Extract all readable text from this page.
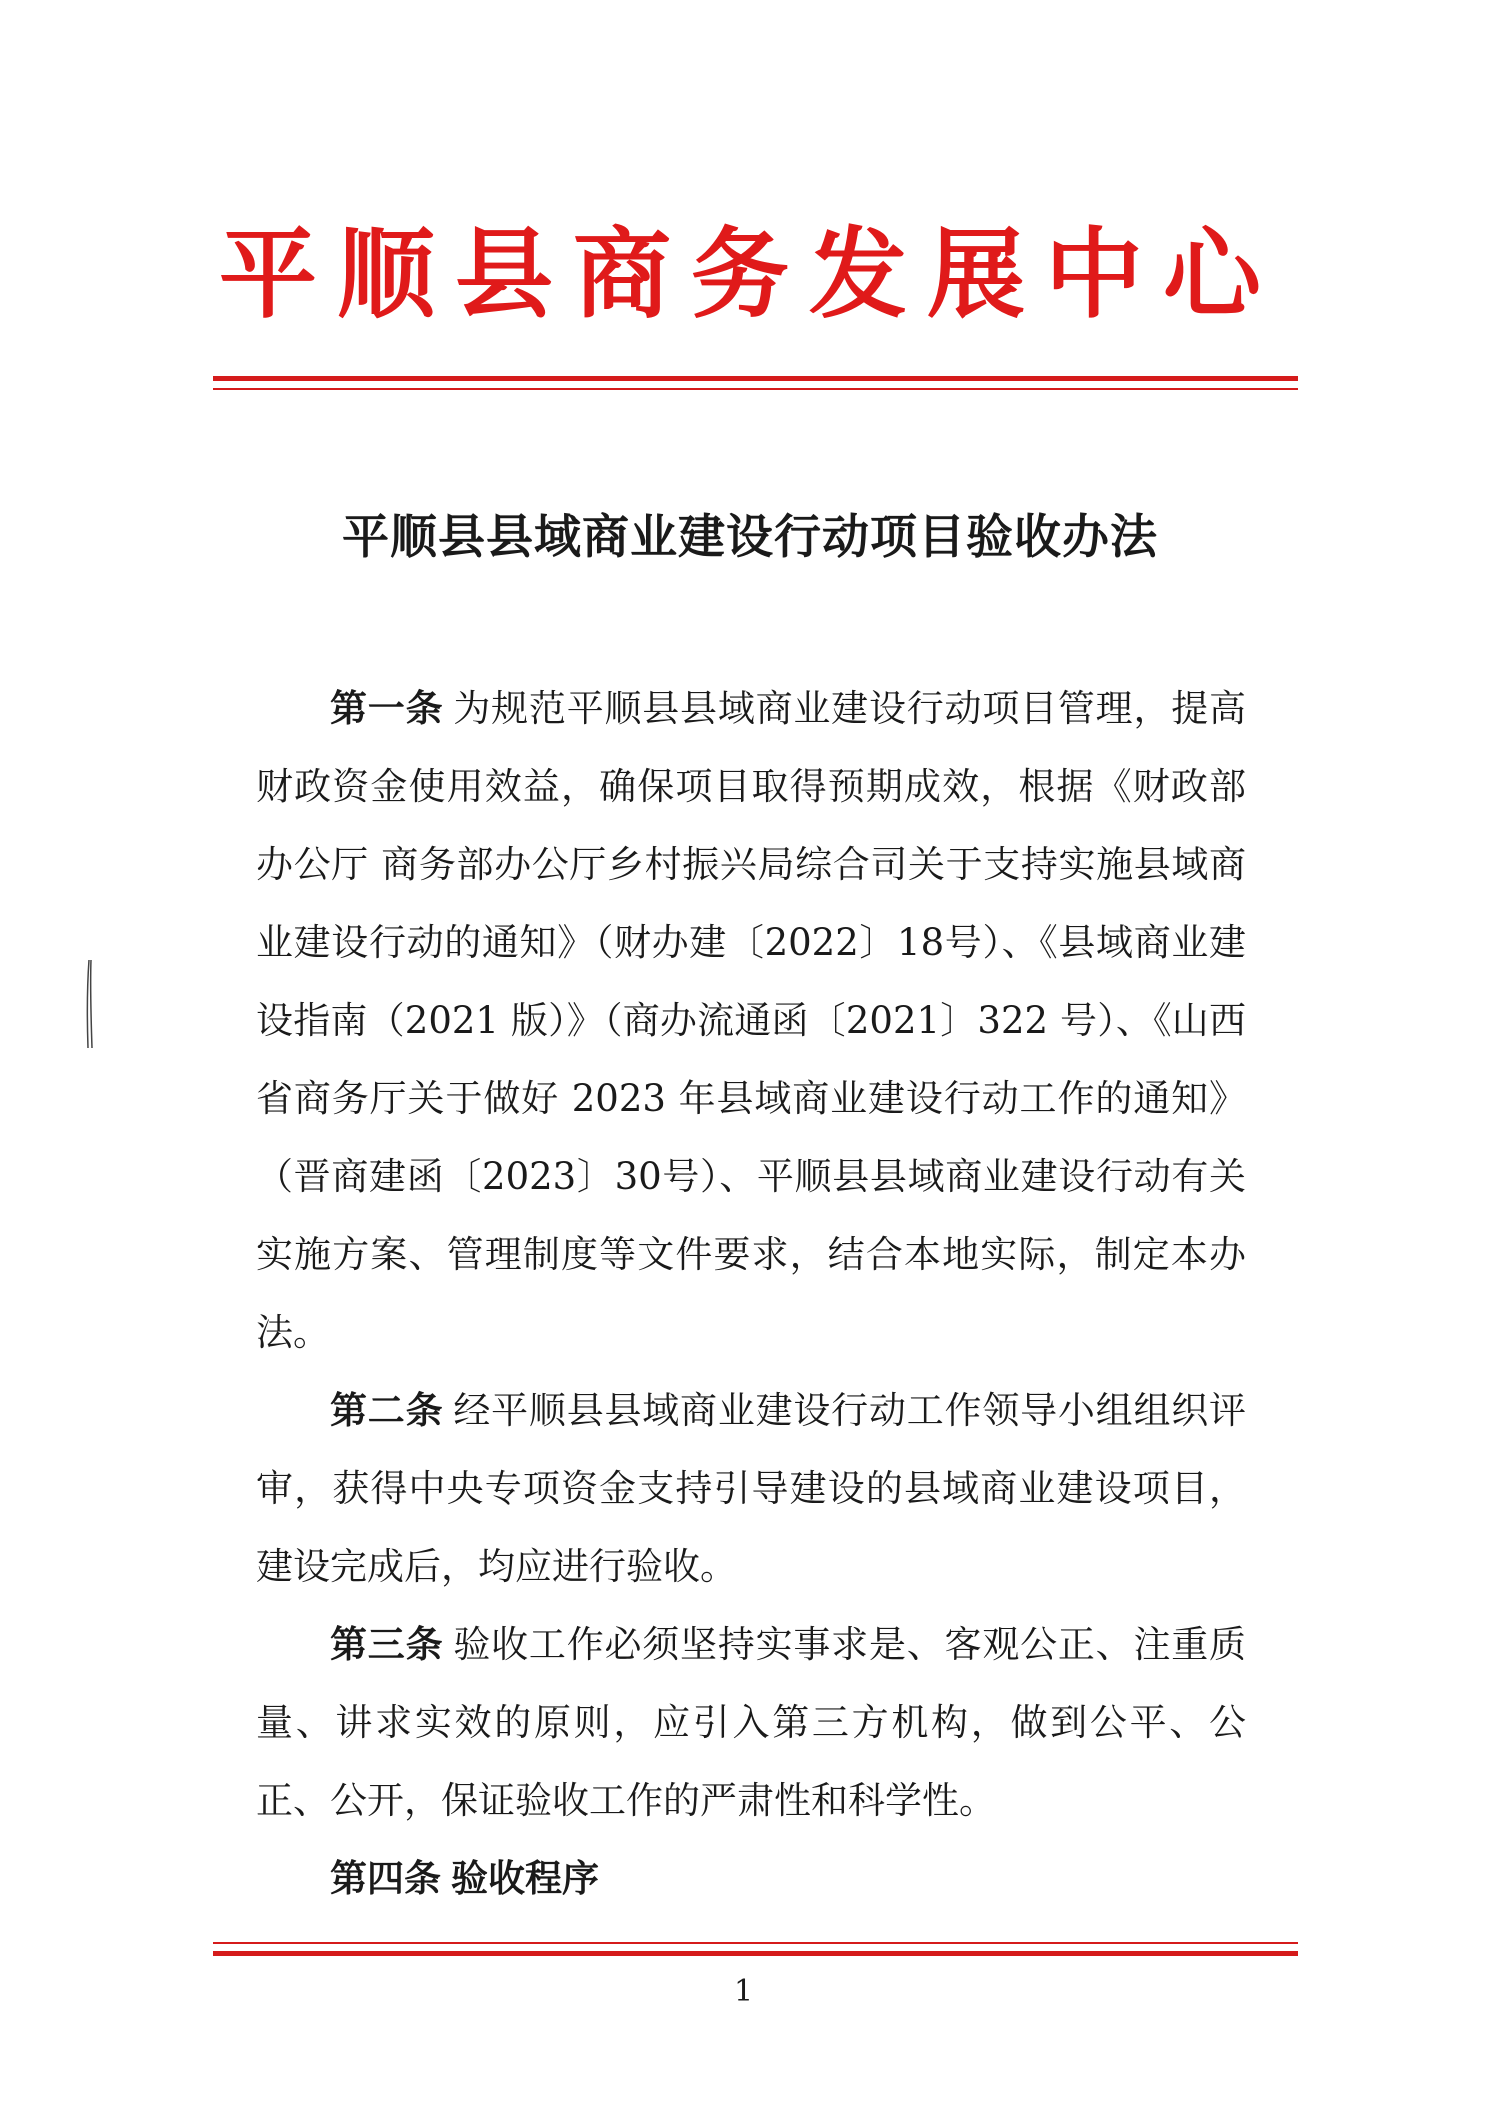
平顺县商务发展中心
平顺县县域商业建设行动项目验收办法

第一条 为规范平顺县县域商业建设行动项目管理，提高财政资金使用效益，确保项目取得预期成效，根据《财政部办公厅 商务部办公厅乡村振兴局综合司关于支持实施县域商业建设行动的通知》（财办建〔2022〕18号）、《县域商业建设指南（2021 版）》（商办流通函〔2021〕322 号）、《山西省商务厅关于做好 2023 年县域商业建设行动工作的通知》（晋商建函〔2023〕30号）、平顺县县域商业建设行动有关实施方案、管理制度等文件要求，结合本地实际，制定本办法。

第二条 经平顺县县域商业建设行动工作领导小组组织评审，获得中央专项资金支持引导建设的县域商业建设项目，建设完成后，均应进行验收。

第三条 验收工作必须坚持实事求是、客观公正、注重质量、讲求实效的原则，应引入第三方机构，做到公平、公正、公开，保证验收工作的严肃性和科学性。

第四条 验收程序

1
